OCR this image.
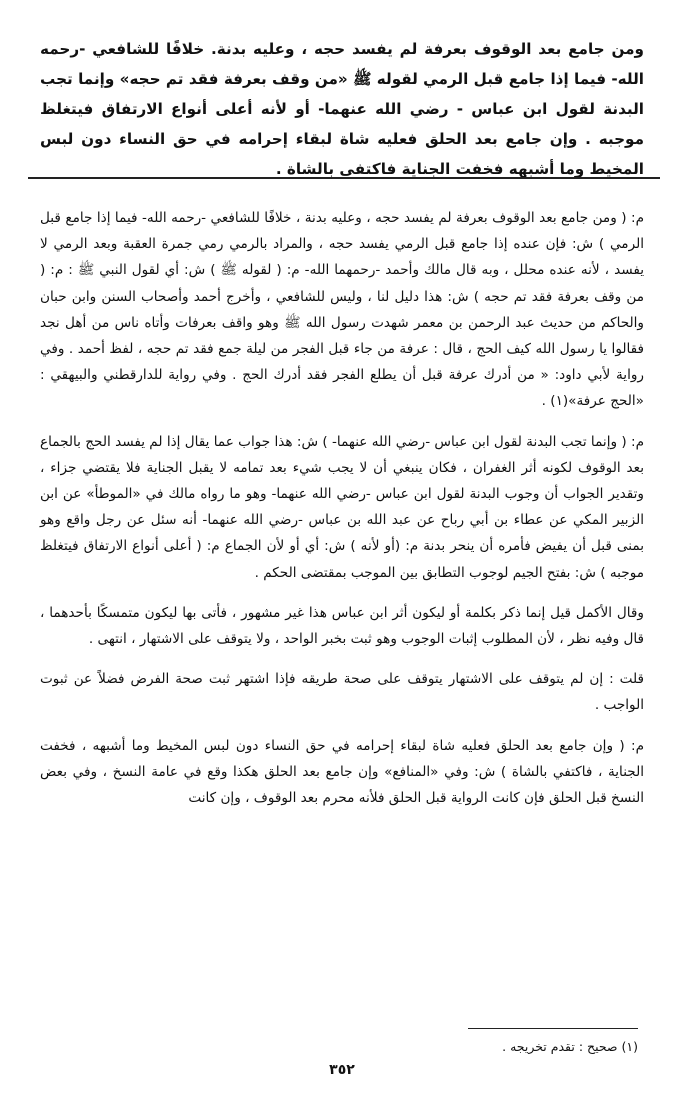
ومن جامع بعد الوقوف بعرفة لم يفسد حجه ، وعليه بدنة. خلافًا للشافعي -رحمه الله- فيما إذا جامع قبل الرمي لقوله ﷺ «من وقف بعرفة فقد تم حجه» وإنما تجب البدنة لقول ابن عباس - رضي الله عنهما- أو لأنه أعلى أنواع الارتفاق فيتغلظ موجبه . وإن جامع بعد الحلق فعليه شاة لبقاء إحرامه في حق النساء دون لبس المخيط وما أشبهه فخفت الجناية فاكتفى بالشاة .

م: ( ومن جامع بعد الوقوف بعرفة لم يفسد حجه ، وعليه بدنة ، خلافًا للشافعي -رحمه الله- فيما إذا جامع قبل الرمي ) ش: فإن عنده إذا جامع قبل الرمي يفسد حجه ، والمراد بالرمي رمي جمرة العقبة وبعد الرمي لا يفسد ، لأنه عنده محلل ، وبه قال مالك وأحمد -رحمهما الله- م: ( لقوله ﷺ ) ش: أي لقول النبي ﷺ : م: ( من وقف بعرفة فقد تم حجه ) ش: هذا دليل لنا ، وليس للشافعي ، وأخرج أحمد وأصحاب السنن وابن حبان والحاكم من حديث عبد الرحمن بن معمر شهدت رسول الله ﷺ وهو واقف بعرفات وأتاه ناس من أهل نجد فقالوا يا رسول الله كيف الحج ، قال : عرفة من جاء قبل الفجر من ليلة جمع فقد تم حجه ، لفظ أحمد . وفي رواية لأبي داود: « من أدرك عرفة قبل أن يطلع الفجر فقد أدرك الحج . وفي رواية للدارقطني والبيهقي : «الحج عرفة»(١) .

م: ( وإنما تجب البدنة لقول ابن عباس -رضي الله عنهما- ) ش: هذا جواب عما يقال إذا لم يفسد الحج بالجماع بعد الوقوف لكونه أثر الغفران ، فكان ينبغي أن لا يجب شيء بعد تمامه لا يقبل الجناية فلا يقتضي جزاء ، وتقدير الجواب أن وجوب البدنة لقول ابن عباس -رضي الله عنهما- وهو ما رواه مالك في «الموطأ» عن ابن الزبير المكي عن عطاء بن أبي رباح عن عبد الله بن عباس -رضي الله عنهما- أنه سئل عن رجل واقع وهو بمنى قبل أن يفيض فأمره أن ينحر بدنة م: (أو لأنه ) ش: أي أو لأن الجماع م: ( أعلى أنواع الارتفاق فيتغلظ موجبه ) ش: بفتح الجيم لوجوب التطابق بين الموجب بمقتضى الحكم .

وقال الأكمل قيل إنما ذكر بكلمة أو ليكون أثر ابن عباس هذا غير مشهور ، فأتى بها ليكون متمسكًا بأحدهما ، قال وفيه نظر ، لأن المطلوب إثبات الوجوب وهو ثبت بخبر الواحد ، ولا يتوقف على الاشتهار ، انتهى .

قلت : إن لم يتوقف على الاشتهار يتوقف على صحة طريقه فإذا اشتهر ثبت صحة الفرض فضلاً عن ثبوت الواجب .

م: ( وإن جامع بعد الحلق فعليه شاة لبقاء إحرامه في حق النساء دون لبس المخيط وما أشبهه ، فخفت الجناية ، فاكتفي بالشاة ) ش: وفي «المنافع» وإن جامع بعد الحلق هكذا وقع في عامة النسخ ، وفي بعض النسخ قبل الحلق فإن كانت الرواية قبل الحلق فلأنه محرم بعد الوقوف ، وإن كانت

(١) صحيح : تقدم تخريجه .
٣٥٢
